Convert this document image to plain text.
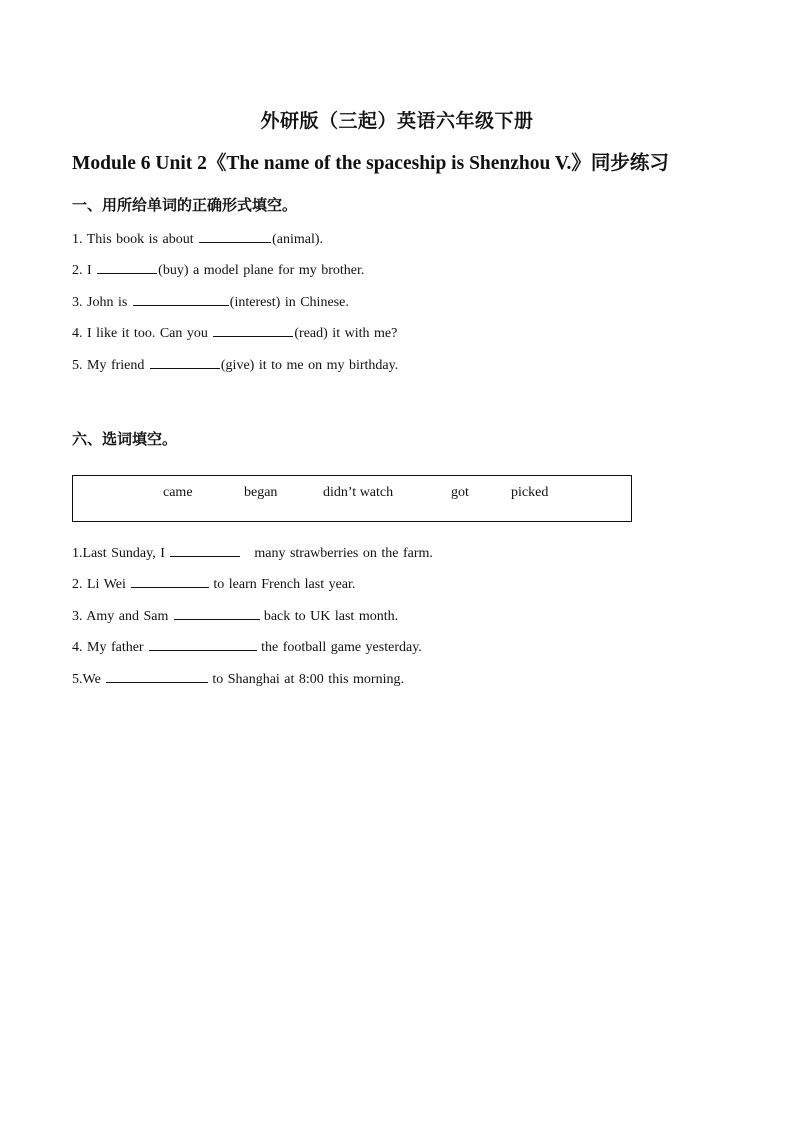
外研版（三起）英语六年级下册
Module 6 Unit 2《The name of the spaceship is Shenzhou V.》同步练习
一、用所给单词的正确形式填空。
1. This book is about	(animal).
2. I	(buy) a model plane for my brother.
3. John is	(interest) in Chinese.
4. I like it too. Can you	(read) it with me?
5. My friend	(give) it to me on my birthday.
六、选词填空。
came	began	didn’t watch	got	picked
1.Last Sunday, I	many strawberries on the farm.
2. Li Wei	to learn French last year.
3. Amy and Sam	back to UK last month.
4. My father	the football game yesterday.
5.We	to Shanghai at 8:00 this morning.
